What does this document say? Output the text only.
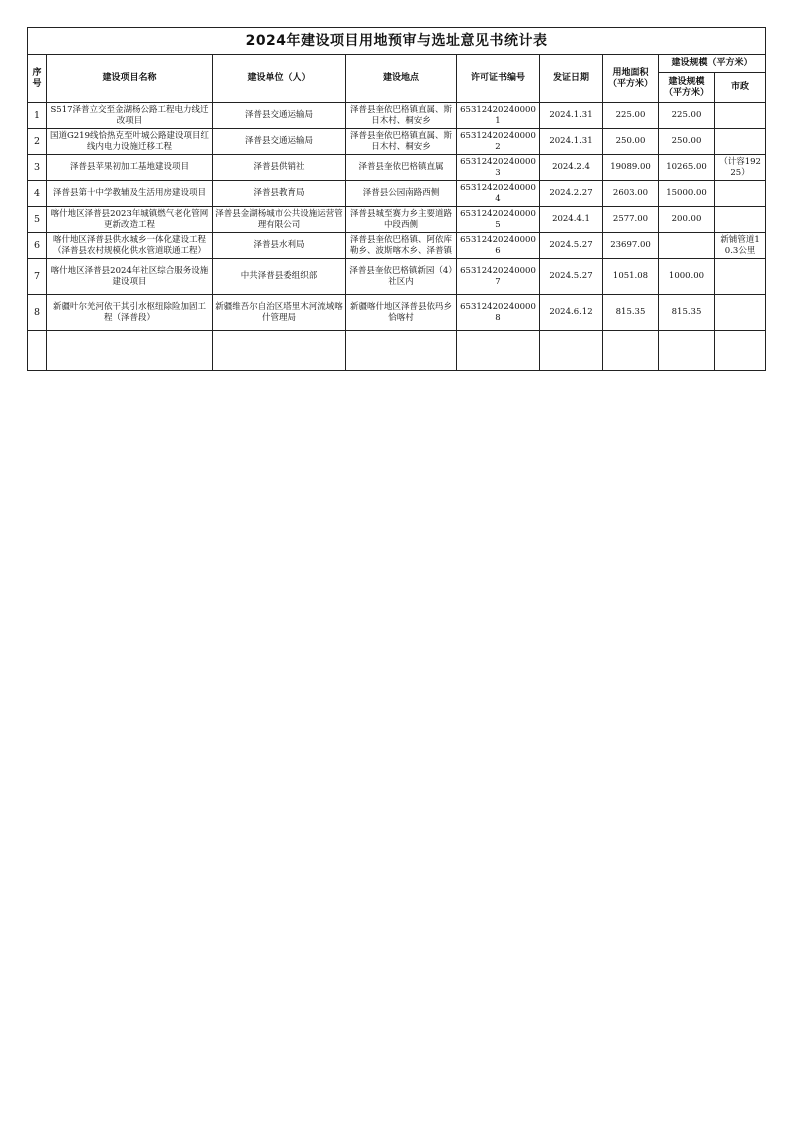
2024年建设项目用地预审与选址意见书统计表								
序号	建设项目名称	建设单位（人）	建设地点	许可证书编号	发证日期	用地面积（平方米）	建设规模（平方米）	
							建设规模（平方米）	市政
1	S517泽普立交至金湖杨公路工程电力线迁改项目	泽普县交通运输局	泽普县奎依巴格镇直属、斯日木村、桐安乡	653124202400001	2024.1.31	225.00	225.00	
2	国道G219线恰热克至叶城公路建设项目红线内电力设施迁移工程	泽普县交通运输局	泽普县奎依巴格镇直属、斯日木村、桐安乡	653124202400002	2024.1.31	250.00	250.00	
3	泽普县苹果初加工基地建设项目	泽普县供销社	泽普县奎依巴格镇直属	653124202400003	2024.2.4	19089.00	10265.00	（计容19225）
4	泽普县第十中学教辅及生活用房建设项目	泽普县教育局	泽普县公园南路西侧	653124202400004	2024.2.27	2603.00	15000.00	
5	喀什地区泽普县2023年城镇燃气老化管网更新改造工程	泽普县金湖杨城市公共设施运营管理有限公司	泽普县城至赛力乡主要道路中段西侧	653124202400005	2024.4.1	2577.00	200.00	
6	喀什地区泽普县供水城乡一体化建设工程（泽普县农村规模化供水管道联通工程）	泽普县水利局	泽普县奎依巴格镇、阿依库勒乡、波斯喀木乡、泽普镇	653124202400006	2024.5.27	23697.00		新铺管道10.3公里
7	喀什地区泽普县2024年社区综合服务设施建设项目	中共泽普县委组织部	泽普县奎依巴格镇新园（4）社区内	653124202400007	2024.5.27	1051.08	1000.00	
8	新疆叶尔羌河依干其引水枢纽除险加固工程（泽普段）	新疆维吾尔自治区塔里木河流域喀什管理局	新疆喀什地区泽普县依玛乡恰喀村	653124202400008	2024.6.12	815.35	815.35	
